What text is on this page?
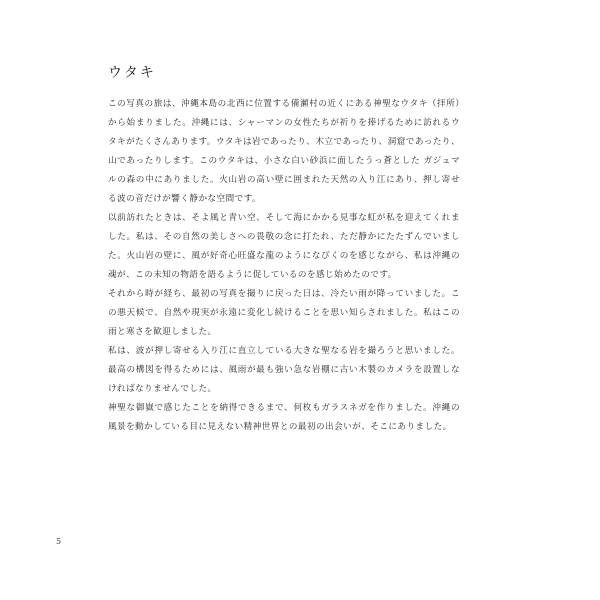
ウタキ

この写真の旅は、沖縄本島の北西に位置する備瀬村の近くにある神聖なウタキ（拝所）から始まりました。沖縄には、シャーマンの女性たちが祈りを捧げるために訪れるウタキがたくさんあります。ウタキは岩であったり、木立であったり、洞窟であったり、山であったりします。このウタキは、小さな白い砂浜に面したうっ蒼とした ガジュマルの森の中にありました。火山岩の高い壁に囲まれた天然の入り江にあり、押し寄せる波の音だけが響く静かな空間です。

以前訪れたときは、そよ風と青い空、そして海にかかる見事な虹が私を迎えてくれました。私は、その自然の美しさへの畏敬の念に打たれ、ただ静かにたたずんでいました。火山岩の壁に、風が好奇心旺盛な龍のようになびくのを感じながら、私は沖縄の魂が、この未知の物語を語るように促しているのを感じ始めたのです。

それから時が経ち、最初の写真を撮りに戻った日は、冷たい雨が降っていました。この悪天候で、自然や現実が永遠に変化し続けることを思い知らされました。私はこの雨と寒さを歓迎しました。

私は、波が押し寄せる入り江に直立している大きな聖なる岩を撮ろうと思いました。最高の構図を得るためには、風雨が最も強い急な岩棚に古い木製のカメラを設置しなければなりませんでした。

神聖な御嶽で感じたことを納得できるまで、何枚もガラスネガを作りました。沖縄の風景を動かしている目に見えない精神世界との最初の出会いが、そこにありました。

5
